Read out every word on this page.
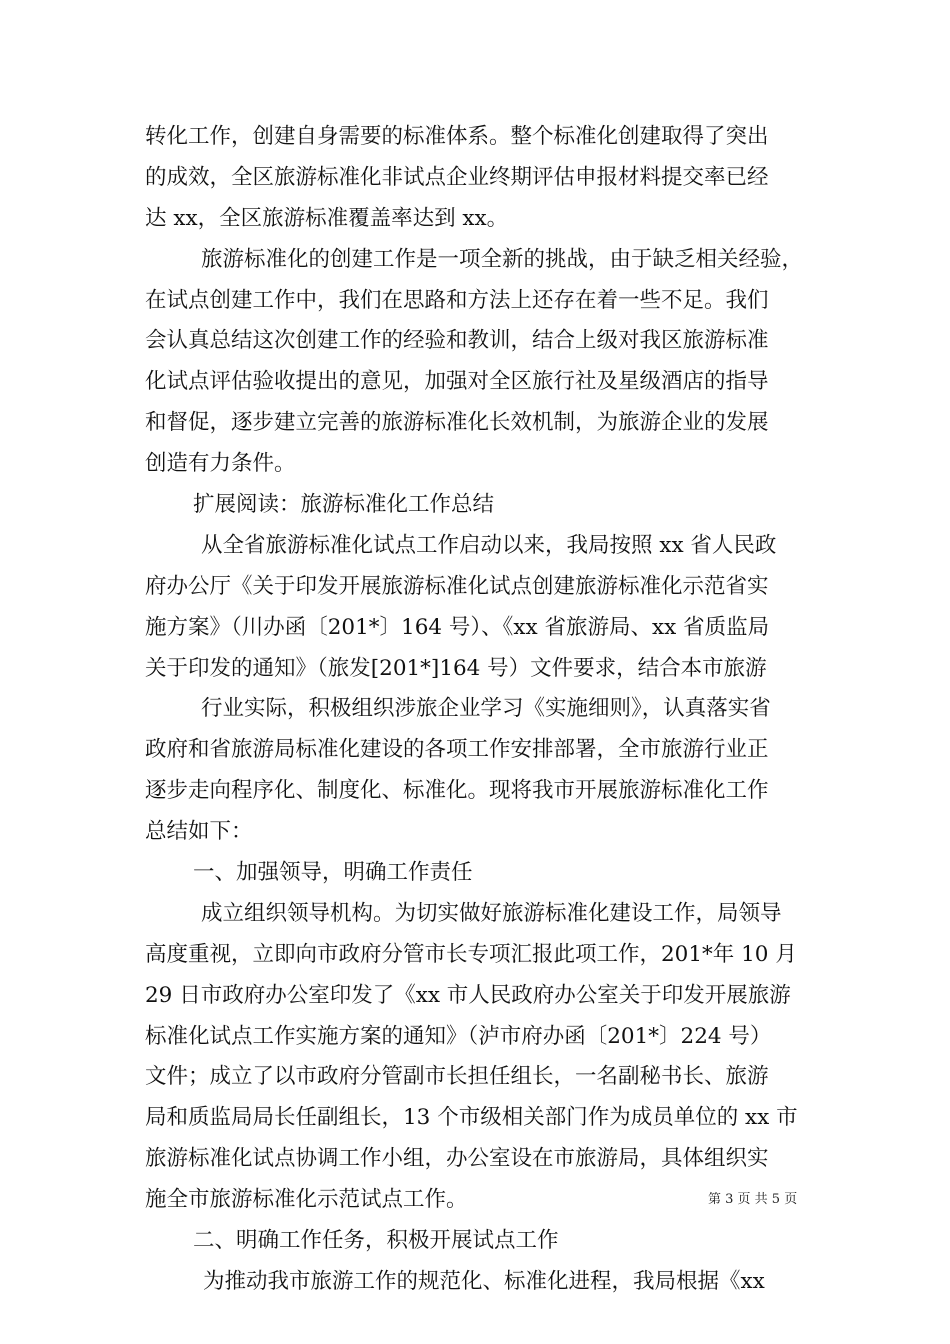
转化工作，创建自身需要的标准体系。整个标准化创建取得了突出
的成效，全区旅游标准化非试点企业终期评估申报材料提交率已经
达 xx，全区旅游标准覆盖率达到 xx。
旅游标准化的创建工作是一项全新的挑战，由于缺乏相关经验，
在试点创建工作中，我们在思路和方法上还存在着一些不足。我们
会认真总结这次创建工作的经验和教训，结合上级对我区旅游标准
化试点评估验收提出的意见，加强对全区旅行社及星级酒店的指导
和督促，逐步建立完善的旅游标准化长效机制，为旅游企业的发展
创造有力条件。
扩展阅读：旅游标准化工作总结
从全省旅游标准化试点工作启动以来，我局按照 xx 省人民政
府办公厅《关于印发开展旅游标准化试点创建旅游标准化示范省实
施方案》（川办函〔201*〕164 号）、《xx 省旅游局、xx 省质监局
关于印发的通知》（旅发[201*]164 号）文件要求，结合本市旅游
行业实际，积极组织涉旅企业学习《实施细则》，认真落实省
政府和省旅游局标准化建设的各项工作安排部署，全市旅游行业正
逐步走向程序化、制度化、标准化。现将我市开展旅游标准化工作
总结如下：
一、加强领导，明确工作责任
成立组织领导机构。为切实做好旅游标准化建设工作，局领导
高度重视，立即向市政府分管市长专项汇报此项工作，201*年 10 月
29 日市政府办公室印发了《xx 市人民政府办公室关于印发开展旅游
标准化试点工作实施方案的通知》（泸市府办函〔201*〕224 号）
文件；成立了以市政府分管副市长担任组长，一名副秘书长、旅游
局和质监局局长任副组长，13 个市级相关部门作为成员单位的 xx 市
旅游标准化试点协调工作小组，办公室设在市旅游局，具体组织实
施全市旅游标准化示范试点工作。
二、明确工作任务，积极开展试点工作
为推动我市旅游工作的规范化、标准化进程，我局根据《xx
第 3 页 共 5 页
